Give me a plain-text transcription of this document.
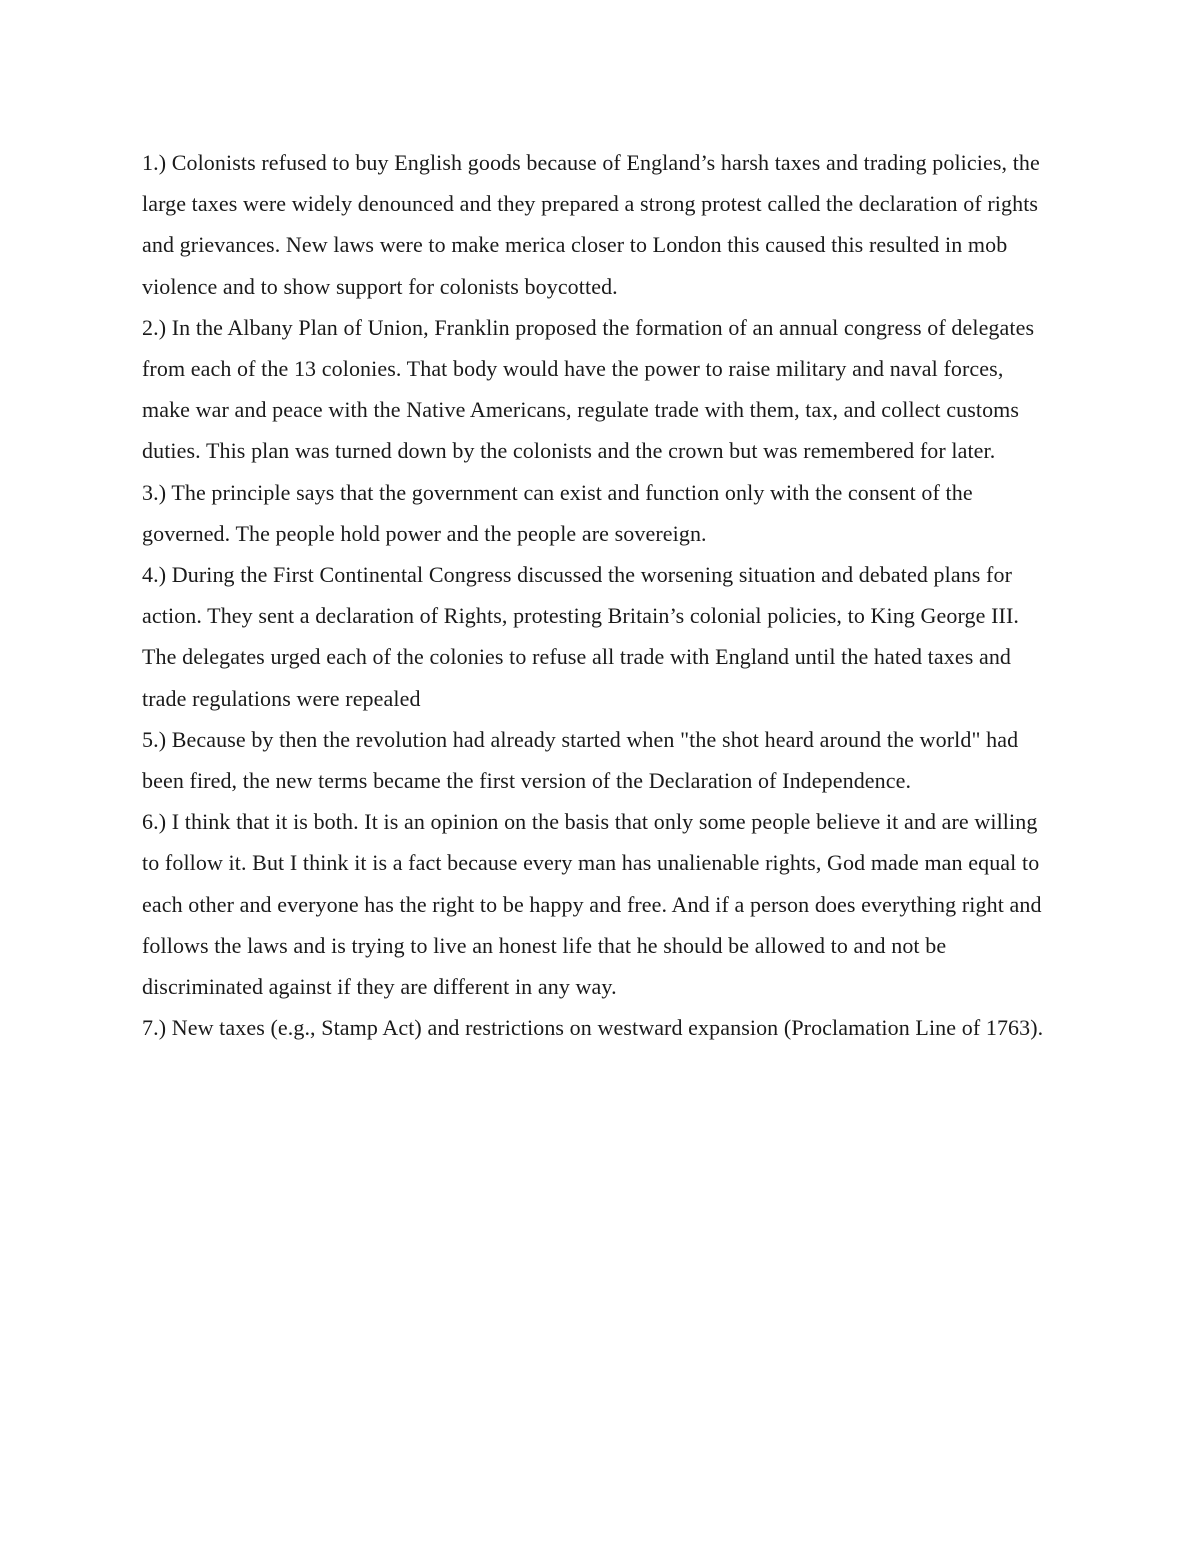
1.) Colonists refused to buy English goods because of England’s harsh taxes and trading policies, the large taxes were widely denounced and they prepared a strong protest called the declaration of rights and grievances. New laws were to make merica closer to London this caused this resulted in mob violence and to show support for colonists boycotted.

2.) In the Albany Plan of Union, Franklin proposed the formation of an annual congress of delegates from each of the 13 colonies. That body would have the power to raise military and naval forces, make war and peace with the Native Americans, regulate trade with them, tax, and collect customs duties. This plan was turned down by the colonists and the crown but was remembered for later.

3.) The principle says that the government can exist and function only with the consent of the governed. The people hold power and the people are sovereign.

4.) During the First Continental Congress discussed the worsening situation and debated plans for action. They sent a declaration of Rights, protesting Britain’s colonial policies, to King George III. The delegates urged each of the colonies to refuse all trade with England until the hated taxes and trade regulations were repealed

5.) Because by then the revolution had already started when "the shot heard around the world" had been fired, the new terms became the first version of the Declaration of Independence.

6.) I think that it is both. It is an opinion on the basis that only some people believe it and are willing to follow it. But I think it is a fact because every man has unalienable rights, God made man equal to each other and everyone has the right to be happy and free. And if a person does everything right and follows the laws and is trying to live an honest life that he should be allowed to and not be discriminated against if they are different in any way.

7.) New taxes (e.g., Stamp Act) and restrictions on westward expansion (Proclamation Line of 1763).
